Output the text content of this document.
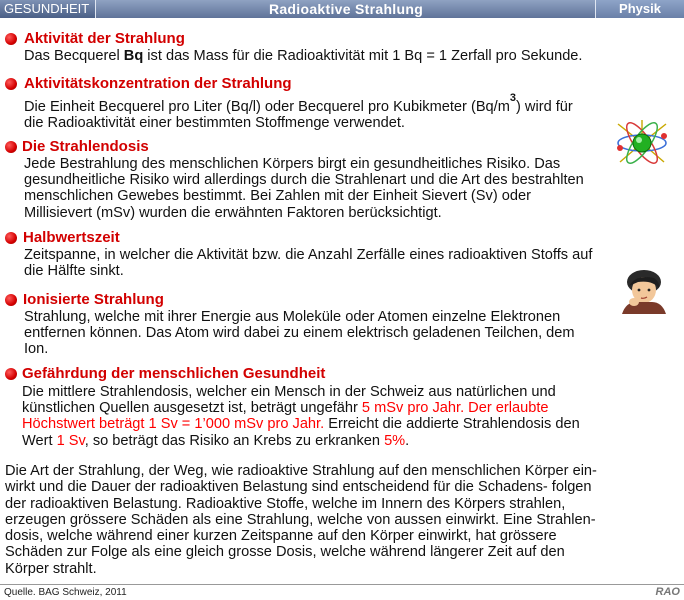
GESUNDHEIT	Radioaktive Strahlung	Physik
Aktivität der Strahlung
Das Becquerel Bq ist das Mass für die Radioaktivität mit 1 Bq = 1 Zerfall pro Sekunde.
Aktivitätskonzentration der Strahlung
Die Einheit Becquerel pro Liter (Bq/l) oder Becquerel pro Kubikmeter $(Bq/m^3)$ wird für
die Radioaktivität einer bestimmten Stoffmenge verwendet.
Die Strahlendosis
Jede Bestrahlung des menschlichen Körpers birgt ein gesundheitliches Risiko. Das
gesundheitliche Risiko wird allerdings durch die Strahlenart und die Art des bestrahlten
menschlichen Gewebes bestimmt. Bei Zahlen mit der Einheit Sievert (Sv) oder
Millisievert (mSv) wurden die erwähnten Faktoren berücksichtigt.
Halbwertszeit
Zeitspanne, in welcher die Aktivität bzw. die Anzahl Zerfälle eines radioaktiven Stoffs auf
die Hälfte sinkt.
Ionisierte Strahlung
Strahlung, welche mit ihrer Energie aus Moleküle oder Atomen einzelne Elektronen
entfernen können. Das Atom wird dabei zu einem elektrisch geladenen Teilchen, dem
Ion.
Gefährdung der menschlichen Gesundheit
Die mittlere Strahlendosis, welcher ein Mensch in der Schweiz aus natürlichen und
künstlichen Quellen ausgesetzt ist, beträgt ungefähr 5 mSv pro Jahr. Der erlaubte
Höchstwert beträgt 1 Sv = 1’000 mSv pro Jahr. Erreicht die addierte Strahlendosis den
Wert 1 Sv, so beträgt das Risiko an Krebs zu erkranken 5%.
Die Art der Strahlung, der Weg, wie radioaktive Strahlung auf den menschlichen Körper ein-
wirkt und die Dauer der radioaktiven Belastung sind entscheidend für die Schadens- folgen
der radioaktiven Belastung. Radioaktive Stoffe, welche im Innern des Körpers strahlen,
erzeugen grössere Schäden als eine Strahlung, welche von aussen einwirkt. Eine Strahlen-
dosis, welche während einer kurzen Zeitspanne auf den Körper einwirkt, hat grössere
Schäden zur Folge als eine gleich grosse Dosis, welche während längerer Zeit auf den
Körper strahlt.
Quelle. BAG Schweiz, 2011	RAO
